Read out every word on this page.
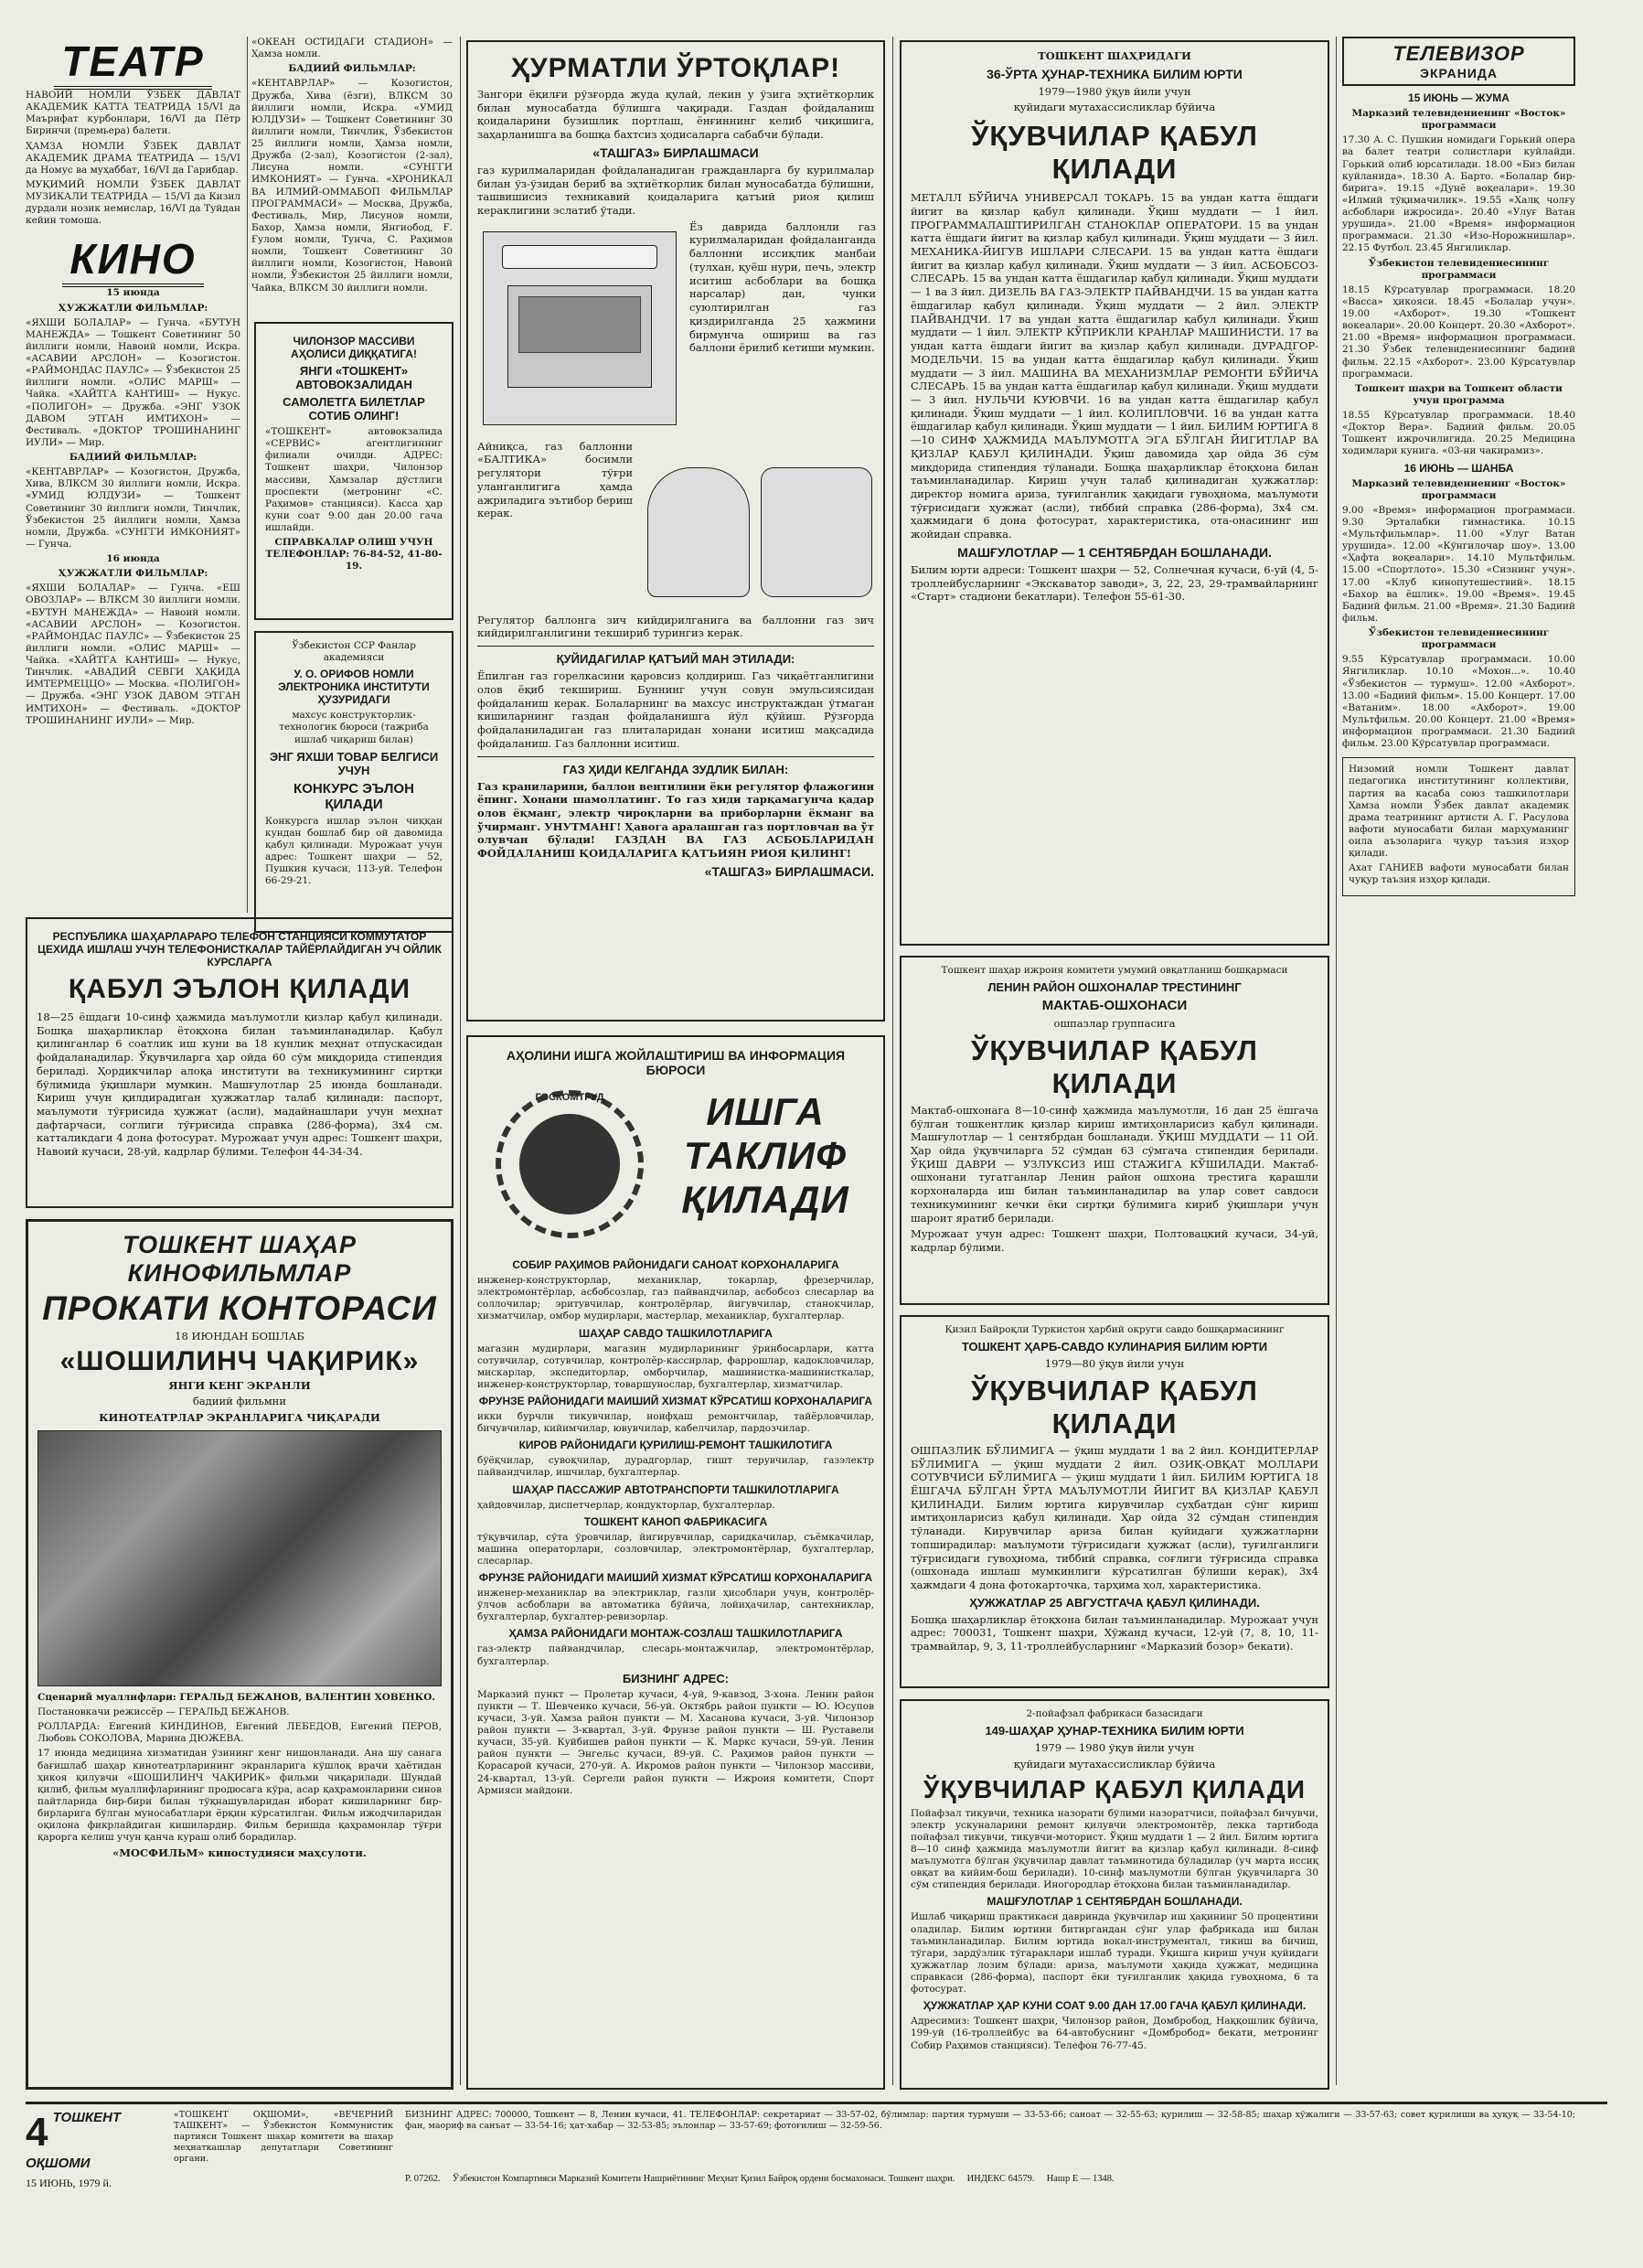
ТЕАТР

НАВОИЙ НОМЛИ ЎЗБЕК ДАВЛАТ АКАДЕМИК КАТТА ТЕАТРИДА 15/VI да Маърифат курбонлари, 16/VI да Пётр Биринчи (премьера) балети.

ҲАМЗА НОМЛИ ЎЗБЕК ДАВЛАТ АКАДЕМИК ДРАМА ТЕАТРИДА — 15/VI да Номус ва муҳаббат, 16/VI да Гарибдар.

МУҚИМИЙ НОМЛИ ЎЗБЕК ДАВЛАТ МУЗИКАЛИ ТЕАТРИДА — 15/VI да Кизил дурдали нозик немислар, 16/VI да Туйдан кейин томоша.

КИНО

15 июнда

ҲУЖЖАТЛИ ФИЛЬМЛАР:

«ЯХШИ БОЛАЛАР» — Гунча. «БУТУН МАНЕЖДА» — Тошкент Советининг 50 йиллиги номли, Навоий номли, Искра. «АСАВИИ АРСЛОН» — Козогистон. «РАЙМОНДАС ПАУЛС» — Ўзбекистон 25 йиллиги номли. «ОЛИС МАРШ» — Чайка. «ХАЙТГА КАНТИШ» — Нукус. «ПОЛИГОН» — Дружба. «ЭНГ УЗОК ДАВОМ ЭТГАН ИМТИХОН» — Фестиваль. «ДОКТОР ТРОШИНАНИНГ ИУЛИ» — Мир.

БАДИИЙ ФИЛЬМЛАР:

«КЕНТАВРЛАР» — Козогистон, Дружба, Хива, ВЛКСМ 30 йиллиги номли, Искра. «УМИД ЮЛДУЗИ» — Тошкент Советининг 30 йиллиги номли, Тинчлик, Ўзбекистон 25 йиллиги номли, Ҳамза номли, Дружба. «СУНГГИ ИМКОНИЯТ» — Гунча.

16 июнда

ҲУЖЖАТЛИ ФИЛЬМЛАР:

«ЯХШИ БОЛАЛАР» — Гунча. «ЕШ ОВОЗЛАР» — ВЛКСМ 30 йиллиги номли. «БУТУН МАНЕЖДА» — Навоий номли. «АСАВИИ АРСЛОН» — Козогистон. «РАЙМОНДАС ПАУЛС» — Ўзбекистон 25 йиллиги номли. «ОЛИС МАРШ» — Чайка. «ХАЙТГА КАНТИШ» — Нукус, Тинчлик. «АВАДИЙ СЕВГИ ҲАҚИДА ИМТЕРМЕЦЦО» — Москва. «ПОЛИГОН» — Дружба. «ЭНГ УЗОК ДАВОМ ЭТГАН ИМТИХОН» — Фестиваль. «ДОКТОР ТРОШИНАНИНГ ИУЛИ» — Мир.

«ОКЕАН ОСТИДАГИ СТАДИОН» — Ҳамза номли.

БАДИИЙ ФИЛЬМЛАР:

«КЕНТАВРЛАР» — Козогистон, Дружба, Хива (ёзги), ВЛКСМ 30 йиллиги номли, Искра. «УМИД ЮЛДУЗИ» — Тошкент Советининг 30 йиллиги номли, Тинчлик, Ўзбекистон 25 йиллиги номли, Ҳамза номли, Дружба (2-зал), Козогистон (2-зал), Лисуна номли. «СУНГГИ ИМКОНИЯТ» — Гунча. «ХРОНИКАЛ ВА ИЛМИЙ-ОММАБОП ФИЛЬМЛАР ПРОГРАММАСИ» — Москва, Дружба, Фестиваль, Мир, Лисунов номли, Бахор, Ҳамза номли, Янгиобод, Ғ. Ғулом номли, Тунча, С. Раҳимов номли, Тошкент Советининг 30 йиллиги номли, Козогистон, Навоий номли, Ўзбекистон 25 йиллиги номли, Чайка, ВЛКСМ 30 йиллиги номли.

ЧИЛОНЗОР МАССИВИ АҲОЛИСИ ДИҚҚАТИГА!

ЯНГИ «ТОШКЕНТ» АВТОВОКЗАЛИДАН

САМОЛЕТГА БИЛЕТЛАР СОТИБ ОЛИНГ!

«ТОШКЕНТ» автовокзалида «СЕРВИС» агентлигинниг филиали очилди. АДРЕС: Тошкент шаҳри, Чилонзор массиви, Ҳамзалар дўстлиги проспекти (метронинг «С. Раҳимов» станцияси). Касса ҳар куни соат 9.00 дан 20.00 гача ишлайди.

СПРАВКАЛАР ОЛИШ УЧУН ТЕЛЕФОНЛАР: 76-84-52, 41-80-19.

Ўзбекистон ССР Фанлар академияси

У. О. ОРИФОВ НОМЛИ ЭЛЕКТРОНИКА ИНСТИТУТИ ҲУЗУРИДАГИ

махсус конструкторлик-технологик бюроси (тажриба ишлаб чиқариш билан)

ЭНГ ЯХШИ ТОВАР БЕЛГИСИ УЧУН

КОНКУРС ЭЪЛОН ҚИЛАДИ

Конкурсга ишлар эълон чиққан кундан бошлаб бир ой давомида қабул қилинади. Мурожаат учун адрес: Тошкент шаҳри — 52, Пушкин кучаси, 113-уй. Телефон 66-29-21.

РЕСПУБЛИКА ШАҲАРЛАРАРО ТЕЛЕФОН СТАНЦИЯСИ КОММУТАТОР ЦЕХИДА ИШЛАШ УЧУН ТЕЛЕФОНИСТКАЛАР ТАЙЁРЛАЙДИГАН УЧ ОЙЛИК КУРСЛАРГА

ҚАБУЛ ЭЪЛОН ҚИЛАДИ

18—25 ёшдаги 10-синф ҳажмида маълумотли қизлар қабул қилинади. Бошқа шаҳарликлар ётоқхона билан таъминланадилар. Қабул қилинганлар 6 соатлик иш куни ва 18 кунлик меҳнат отпускасидан фойдаланадилар. Ўқувчиларга ҳар ойда 60 сўм миқдорида стипендия бериладi. Ҳордикчилар алоқа институти ва техникумининг сиртқи бўлимида ўқишлари мумкин. Машғулотлар 25 июнда бошланади. Кириш учун қилдирадиган ҳужжатлар талаб қилинади: паспорт, маълумоти тўғрисида ҳужжат (асли), мадайнашлари учун меҳнат дафтарчаси, соглиги тўғрисида справка (286-форма), 3x4 см. катталикдаги 4 дона фотосурат. Мурожаат учун адрес: Тошкент шаҳри, Навоий кучаси, 28-уй, кадрлар бўлими. Телефон 44-34-34.

ТОШКЕНТ ШАҲАР КИНОФИЛЬМЛАР

ПРОКАТИ КОНТОРАСИ

18 ИЮНДАН БОШЛАБ

«ШОШИЛИНЧ ЧАҚИРИК»

ЯНГИ КЕНГ ЭКРАНЛИ

бадиий фильмни

КИНОТЕАТРЛАР ЭКРАНЛАРИГА ЧИҚАРАДИ

Сценарий муаллифлари: ГЕРАЛЬД БЕЖАНОВ, ВАЛЕНТИН ХОВЕНКО.

Постановкачи режиссёр — ГЕРАЛЬД БЕЖАНОВ.

РОЛЛАРДА: Евгений КИНДИНОВ, Евгений ЛЕБЕДОВ, Евгений ПЕРОВ, Любовь СОКОЛОВА, Марина ДЮЖЕВА.

17 июнда медицина хизматидан ўзининг кенг нишонланади. Ана шу санага бағишлаб шаҳар кинотеатрларининг экранларига кўшлоқ врачи ҳаётидан ҳикоя қилувчи «ШОШИЛИНЧ ЧАҚИРИК» фильми чиқарилади. Шундай қилиб, фильм муаллифларининг продюсага кўра, асар қаҳрамонларини синов пайтларида бир-бири билан тўқнашувларидан иборат кишиларнинг бир-бирларига бўлган муносабатлари ёрқин кўрсатилган. Фильм ижодчиларидан оқилона фикрлайдиган кишилардир. Фильм беришда қаҳрамонлар тўғри қарорга келиш учун қанча кураш олиб борадилар.

«МОСФИЛЬМ» киностудияси маҳсулоти.

ҲУРМАТЛИ ЎРТОҚЛАР!

Зангори ёқилғи рўзғорда жуда қулай, лекин у ўзига эҳтиёткорлик билан муносабатда бўлишга чақиради. Газдан фойдаланиш қоидаларини бузишлик портлаш, ёнғиннинг келиб чиқишига, заҳарланишга ва бошқа бахтсиз ҳодисаларга сабабчи бўлади.

«ТАШГАЗ» БИРЛАШМАСИ

газ курилмаларидан фойдаланадиган гражданларга бу курилмалар билан ўз-ўзидан бериб ва эҳтиёткорлик билан муносабатда бўлишни, ташвишисиз техникавий қоидаларига қатъий риоя қилиш кераклигини эслатиб ўтади.

Ёз даврида баллонли газ курилмаларидан фойдаланганда баллонни иссиқлик манбаи (тулхан, қуёш нури, печь, электр иситиш асбоблари ва бошқа нарсалар) дан, чунки суюлтирилган газ қиздирилганда 25 ҳажмини бирмунча ошириш ва газ баллони ёрилиб кетиши мумкин.

Айниқса, газ баллонни «БАЛТИКА» босимли регулятори тўғри уланганлигига ҳамда ажриладига эътибор бериш керак.

Регулятор баллонга зич кийдирилганига ва баллонни газ зич кийдирилганлигини текшириб турингиз керак.

ҚУЙИДАГИЛАР ҚАТЪИЙ МАН ЭТИЛАДИ:

Ёпилган газ горелкасини қаровсиз қолдириш. Газ чиқаётганлигини олов ёқиб текшириш. Буннинг учун совун эмульсиясидан фойдаланиш керак. Болаларнинг ва махсус инструктаждан ўтмаган кишиларнинг газдан фойдаланишга йўл қўйиш. Рўзғорда фойдаланиладиган газ плиталаридан хонани иситиш мақсадида фойдаланиш. Газ баллонни иситиш.

ГАЗ ҲИДИ КЕЛГАНДА ЗУДЛИК БИЛАН:

Газ краниларини, баллон вентилини ёки регулятор флажогини ёпинг. Хонани шамоллатинг. То газ ҳиди тарқамагунча қадар олов ёқманг, электр чироқларни ва приборларни ёкманг ва ўчирманг. УНУТМАНГ! Ҳавога аралашган газ портловчан ва ўт олувчан бўлади! ГАЗДАН ВА ГАЗ АСБОБЛАРИДАН ФОЙДАЛАНИШ ҚОИДАЛАРИГА ҚАТЪИЯН РИОЯ ҚИЛИНГ!

«ТАШГАЗ» БИРЛАШМАСИ.

АҲОЛИНИ ИШГА ЖОЙЛАШТИРИШ ВА ИНФОРМАЦИЯ БЮРОСИ

ГОСКОМТРУД	ИШГА

ТАКЛИФ

ҚИЛАДИ

СОБИР РАҲИМОВ РАЙОНИДАГИ САНОАТ КОРХОНАЛАРИГА

инженер-конструкторлар, механиклар, токарлар, фрезерчилар, электромонтёрлар, асбобсозлар, газ пайвандчилар, асбобсоз слесарлар ва соллочилар; эритувчилар, контролёрлар, йигувчилар, станокчилар, хизматчилар, омбор мудирлари, мастерлар, механиклар, бухгалтерлар.

ШАҲАР САВДО ТАШКИЛОТЛАРИГА

магазин мудирлари, магазин мудирларининг ўринбосарлари, катта сотувчилар, сотувчилар, контролёр-кассирлар, фаррошлар, кадокловчилар, мискарлар, экспедиторлар, омборчилар, машинистка-машинисткалар, инженер-конструкторлар, товаршунослар, бухгалтерлар, хизматчилар.

ФРУНЗЕ РАЙОНИДАГИ МАИШИЙ ХИЗМАТ КЎРСАТИШ КОРХОНАЛАРИГА

икки бурчли тикувчилар, ноифҳаш ремонтчилар, тайёрловчилар, бичувчилар, кийимчилар, ювувчилар, кабелчилар, пардозчилар.

КИРОВ РАЙОНИДАГИ ҚУРИЛИШ-РЕМОНТ ТАШКИЛОТИГА

бўёқчилар, сувоқчилар, дурадгорлар, гишт терувчилар, газэлектр пайвандчилар, ишчилар, бухгалтерлар.

ШАҲАР ПАССАЖИР АВТОТРАНСПОРТИ ТАШКИЛОТЛАРИГА

ҳайдовчилар, диспетчерлар, кондукторлар, бухгалтерлар.

ТОШКЕНТ КАНОП ФАБРИКАСИГА

тўқувчилар, сўта ўровчилар, йигирувчилар, саридкачилар, съёмкачилар, машина операторлари, созловчилар, электромонтёрлар, бухгалтерлар, слесарлар.

ФРУНЗЕ РАЙОНИДАГИ МАИШИЙ ХИЗМАТ КЎРСАТИШ КОРХОНАЛАРИГА

инженер-механиклар ва электриклар, газли ҳисоблари учун, контролёр-ўлчов асбоблари ва автоматика бўйича, лойиҳачилар, сантехниклар, бухгалтерлар, бухгалтер-ревизорлар.

ҲАМЗА РАЙОНИДАГИ МОНТАЖ-СОЗЛАШ ТАШКИЛОТЛАРИГА

газ-электр пайвандчилар, слесарь-монтажчилар, электромонтёрлар, бухгалтерлар.

БИЗНИНГ АДРЕС:

Марказий пункт — Пролетар кучаси, 4-уй, 9-кавзод, 3-хона. Ленин район пункти — Т. Шевченко кучаси, 56-уй. Октябрь район пункти — Ю. Юсупов кучаси, 3-уй. Ҳамза район пункти — М. Хасанова кучаси, 3-уй. Чилонзор район пункти — 3-квартал, 3-уй. Фрунзе район пункти — Ш. Руставели кучаси, 35-уй. Куйбишев район пункти — К. Маркс кучаси, 59-уй. Ленин район пункти — Энгельс кучаси, 89-уй. С. Раҳимов район пункти — Қорасарой кучаси, 270-уй. А. Икромов район пункти — Чилонзор массиви, 24-квартал, 13-уй. Сергели район пункти — Ижроия комитети, Спорт Армияси майдони.

ТОШКЕНТ ШАҲРИДАГИ

36-ЎРТА ҲУНАР-ТЕХНИКА БИЛИМ ЮРТИ

1979—1980 ўқув йили учун

қуйидаги мутахассисликлар бўйича

ЎҚУВЧИЛАР ҚАБУЛ ҚИЛАДИ

МЕТАЛЛ БЎЙИЧА УНИВЕРСАЛ ТОКАРЬ. 15 ва ундан катта ёшдаги йигит ва қизлар қабул қилинади. Ўқиш муддати — 1 йил. ПРОГРАММАЛАШТИРИЛГАН СТАНОКЛАР ОПЕРАТОРИ. 15 ва ундан катта ёшдаги йигит ва қизлар қабул қилинади. Ўқиш муддати — 3 йил. МЕХАНИКА-ЙИГУВ ИШЛАРИ СЛЕСАРИ. 15 ва ундан катта ёшдаги йигит ва қизлар қабул қилинади. Ўқиш муддати — 3 йил. АСБОБСОЗ-СЛЕСАРЬ. 15 ва ундан катта ёшдагилар қабул қилинади. Ўқиш муддати — 1 ва 3 йил. ДИЗЕЛЬ ВА ГАЗ-ЭЛЕКТР ПАЙВАНДЧИ. 15 ва ундан катта ёшдагилар қабул қилинади. Ўқиш муддати — 2 йил. ЭЛЕКТР ПАЙВАНДЧИ. 17 ва ундан катта ёшдагилар қабул қилинади. Ўқиш муддати — 1 йил. ЭЛЕКТР КЎПРИКЛИ КРАНЛАР МАШИНИСТИ. 17 ва ундан катта ёшдаги йигит ва қизлар қабул қилинади. ДУРАДГОР-МОДЕЛЬЧИ. 15 ва ундан катта ёшдагилар қабул қилинади. Ўқиш муддати — 3 йил. МАШИНА ВА МЕХАНИЗМЛАР РЕМОНТИ БЎЙИЧА СЛЕСАРЬ. 15 ва ундан катта ёшдагилар қабул қилинади. Ўқиш муддати — 3 йил. НУЛЬЧИ КУЮВЧИ. 16 ва ундан катта ёшдагилар қабул қилинади. Ўқиш муддати — 1 йил. КОЛИПЛОВЧИ. 16 ва ундан катта ёшдагилар қабул қилинади. Ўқиш муддати — 1 йил. БИЛИМ ЮРТИГА 8—10 СИНФ ҲАЖМИДА МАЪЛУМОТГА ЭГА БЎЛГАН ЙИГИТЛАР ВА ҚИЗЛАР ҚАБУЛ ҚИЛИНАДИ. Ўқиш давомида ҳар ойда 36 сўм миқдорида стипендия тўланади. Бошқа шаҳарликлар ётоқхона билан таъминланадилар. Кириш учун талаб қилинадиган ҳужжатлар: директор номига ариза, туғилганлик ҳақидаги гувоҳнома, маълумоти тўғрисидаги ҳужжат (асли), тиббий справка (286-форма), 3x4 см. ҳажмидаги 6 дона фотосурат, характеристика, ота-онасининг иш жойидан справка.

МАШҒУЛОТЛАР — 1 СЕНТЯБРДАН БОШЛАНАДИ.

Билим юрти адреси: Тошкент шаҳри — 52, Солнечная кучаси, 6-уй (4, 5-троллейбусларнинг «Экскаватор заводи», 3, 22, 23, 29-трамвайларнинг «Старт» стадиони бекатлари). Телефон 55-61-30.

Тошкент шаҳар ижроия комитети умумий овқатланиш бошқармаси

ЛЕНИН РАЙОН ОШХОНАЛАР ТРЕСТИНИНГ

МАКТАБ-ОШХОНАСИ

ошпазлар группасига

ЎҚУВЧИЛАР ҚАБУЛ ҚИЛАДИ

Мактаб-ошхонага 8—10-синф ҳажмида маълумотли, 16 дан 25 ёшгача бўлган тошкентлик қизлар кириш имтиҳонларисиз қабул қилинади. Машғулотлар — 1 сентябрдан бошланади. ЎҚИШ МУДДАТИ — 11 ОЙ. Ҳар ойда ўқувчиларга 52 сўмдан 63 сўмгача стипендия берилади. ЎҚИШ ДАВРИ — УЗЛУКСИЗ ИШ СТАЖИГА КЎШИЛАДИ. Мактаб-ошхонани тугатганлар Ленин район ошхона трестига қарашли корхоналарда иш билан таъминланадилар ва улар совет савдоси техникумининг кечки ёки сиртқи бўлимига кириб ўқишлари учун шароит яратиб берилади.

Мурожаат учун адрес: Тошкент шаҳри, Полтовацкий кучаси, 34-уй, кадрлар бўлими.

Қизил Байроқли Туркистон ҳарбий округи савдо бошқармасининг

ТОШКЕНТ ҲАРБ-САВДО КУЛИНАРИЯ БИЛИМ ЮРТИ

1979—80 ўқув йили учун

ЎҚУВЧИЛАР ҚАБУЛ ҚИЛАДИ

ОШПАЗЛИК БЎЛИМИГА — ўқиш муддати 1 ва 2 йил. КОНДИТЕРЛАР БЎЛИМИГА — ўқиш муддати 2 йил. ОЗИҚ-ОВҚАТ МОЛЛАРИ СОТУВЧИСИ БЎЛИМИГА — ўқиш муддати 1 йил. БИЛИМ ЮРТИГА 18 ЁШГАЧА БЎЛГАН ЎРТА МАЪЛУМОТЛИ ЙИГИТ ВА ҚИЗЛАР ҚАБУЛ ҚИЛИНАДИ. Билим юртига кирувчилар суҳбатдан сўнг кириш имтиҳонларисиз қабул қилинади. Ҳар ойда 32 сўмдан стипендия тўланади. Кирувчилар ариза билан қуйидаги ҳужжатларни топширадилар: маълумоти тўғрисидаги ҳужжат (асли), туғилганлиги тўғрисидаги гувоҳнома, тиббий справка, соғлиги тўғрисида справка (ошхонада ишлаш мумкинлиги кўрсатилган бўлиши керак), 3x4 ҳажмдаги 4 дона фотокарточка, тарҳима ҳол, характеристика.

ҲУЖЖАТЛАР 25 АВГУСТГАЧА ҚАБУЛ ҚИЛИНАДИ.

Бошқа шаҳарликлар ётоқхона билан таъминланадилар. Мурожаат учун адрес: 700031, Тошкент шаҳри, Хўжанд кучаси, 12-уй (7, 8, 10, 11-трамвайлар, 9, 3, 11-троллейбусларнинг «Марказий бозор» бекати).

2-пойафзал фабрикаси базасидаги

149-ШАҲАР ҲУНАР-ТЕХНИКА БИЛИМ ЮРТИ

1979 — 1980 ўқув йили учун

қуйидаги мутахассисликлар бўйича

ЎҚУВЧИЛАР ҚАБУЛ ҚИЛАДИ

Пойафзал тикувчи, техника назорати бўлими назоратчиси, пойафзал бичувчи, электр ускуналарини ремонт қилувчи электромонтёр, лекка тартибода пойафзал тикувчи, тикувчи-моторист. Ўқиш муддати 1 — 2 йил. Билим юртига 8—10 синф ҳажмида маълумотли йигит ва қизлар қабул қилинади. 8-синф маълумотга бўлган ўқувчилар давлат таъминотида бўладилар (уч марта иссиқ овқат ва кийим-бош берилади). 10-синф маълумотли бўлган ўқувчиларга 30 сўм стипендия берилади. Иногородлар ётоқхона билан таъминланадилар.

МАШҒУЛОТЛАР 1 СЕНТЯБРДАН БОШЛАНАДИ.

Ишлаб чиқариш практикаси давринда ўқувчилар иш ҳақининг 50 процентини оладилар. Билим юртини битиргандан сўнг улар фабрикада иш билан таъминланадилар. Билим юртида вокал-инструментал, тикиш ва бичиш, тўгари, зардўзлик тўгараклари ишлаб туради. Ўқишга кириш учун қуйидаги ҳужжатлар лозим бўлади: ариза, маълумоти ҳақида ҳужжат, медицина справкаси (286-форма), паспорт ёки туғилганлик ҳақида гувоҳнома, 6 та фотосурат.

ҲУЖЖАТЛАР ҲАР КУНИ СОАТ 9.00 ДАН 17.00 ГАЧА ҚАБУЛ ҚИЛИНАДИ.

Адресимиз: Тошкент шаҳри, Чилонзор район, Домбробод, Наққошлик бўйича, 199-уй (16-троллейбус ва 64-автобуснинг «Домбробод» бекати, метронинг Собир Раҳимов станцияси). Телефон 76-77-45.

ТЕЛЕВИЗОР
ЭКРАНИДА

15 ИЮНЬ — ЖУМА

Марказий телевидениенинг «Восток» программаси

17.30 А. С. Пушкин номидаги Горький опера ва балет театри солистлари куйлайди. Горький олиб юрсатилади. 18.00 «Биз билан куйланида». 18.30 А. Барто. «Болалар бир-бирига». 19.15 «Дунё воқеалари». 19.30 «Илмий тўқимачилик». 19.55 «Халқ чолғу асбоблари ижросида». 20.40 «Улуғ Ватан урушида». 21.00 «Время» информацион программаси. 21.30 «Изо-Норожнишлар». 22.15 Футбол. 23.45 Янгиликлар.

Ўзбекистон телевидениесининг программаси

18.15 Кўрсатувлар программаси. 18.20 «Васса» ҳикояси. 18.45 «Болалар учун». 19.00 «Ахборот». 19.30 «Тошкент вокеалари». 20.00 Концерт. 20.30 «Ахборот». 21.00 «Время» информацион программаси. 21.30 Ўзбек телевидениесининг бадиий фильм. 22.15 «Ахборот». 23.00 Кўрсатувлар программаси.

Тошкент шаҳри ва Тошкент области учун программа

18.55 Кўрсатувлар программаси. 18.40 «Доктор Вера». Бадиий фильм. 20.05 Тошкент ижрочилигида. 20.25 Медицина ходимлари кунига. «03-ни чакирамиз».

16 ИЮНЬ — ШАНБА

Марказий телевидениенинг «Восток» программаси

9.00 «Время» информацион программаси. 9.30 Эрталабки гимнастика. 10.15 «Мультфильмлар». 11.00 «Улуг Ватан урушида». 12.00 «Кўнгилочар шоу». 13.00 «Ҳафта воқеалари». 14.10 Мультфильм. 15.00 «Спортлото». 15.30 «Сизнинг учун». 17.00 «Клуб кинопутешествий». 18.15 «Бахор ва ёшлик». 19.00 «Время». 19.45 Бадиий фильм. 21.00 «Время». 21.30 Бадиий фильм.

Ўзбекистон телевидениесининг программаси

9.55 Кўрсатувлар программаси. 10.00 Янгиликлар. 10.10 «Мохон...». 10.40 «Ўзбекистон — турмуш». 12.00 «Ахборот». 13.00 «Бадиий фильм». 15.00 Концерт. 17.00 «Ватаним». 18.00 «Ахборот». 19.00 Мультфильм. 20.00 Концерт. 21.00 «Время» информацион программаси. 21.30 Бадиий фильм. 23.00 Кўрсатувлар программаси.

Низомий номли Тошкент давлат педагогика институтининг коллективи, партия ва касаба союз ташкилотлари Ҳамза номли Ўзбек давлат академик драма театрининг артисти А. Г. Расулова вафоти муносабати билан марҳуманинг оила аъзоларига чуқур таъзия изҳор қилади.

Ахат ГАНИЕВ вафоти муносабати билан чуқур таъзия изҳор қилади.

4 ТОШКЕНТ ОҚШОМИ
15 ИЮНЬ, 1979 й.

«ТОШКЕНТ ОҚШОМИ», «ВЕЧЕРНИЙ ТАШКЕНТ» — Ўзбекистон Коммунистик партияси Тошкент шаҳар комитети ва шаҳар меҳнаткашлар депутатлари Советининг органи.

БИЗНИНГ АДРЕС: 700000, Тошкент — 8, Ленин кучаси, 41. ТЕЛЕФОНЛАР: секретариат — 33-57-02, бўлимлар: партия турмуши — 33-53-66; саноат — 32-55-63; қурилиш — 32-58-85; шаҳар хўжалиги — 33-57-63; совет қурилиши ва ҳуқуқ — 33-54-10; фан, маориф ва санъат — 33-54-16; ҳат-хабар — 32-53-85; эълонлар — 33-57-69; фотоғилиш — 32-59-56.

Р. 07262. Ўзбекистон Компартияси Марказий Комитети Нашриётининг Меҳнат Қизил Байроқ ордени босмахонаси. Тошкент шаҳри. ИНДЕКС 64579. Нашр Е — 1348.
